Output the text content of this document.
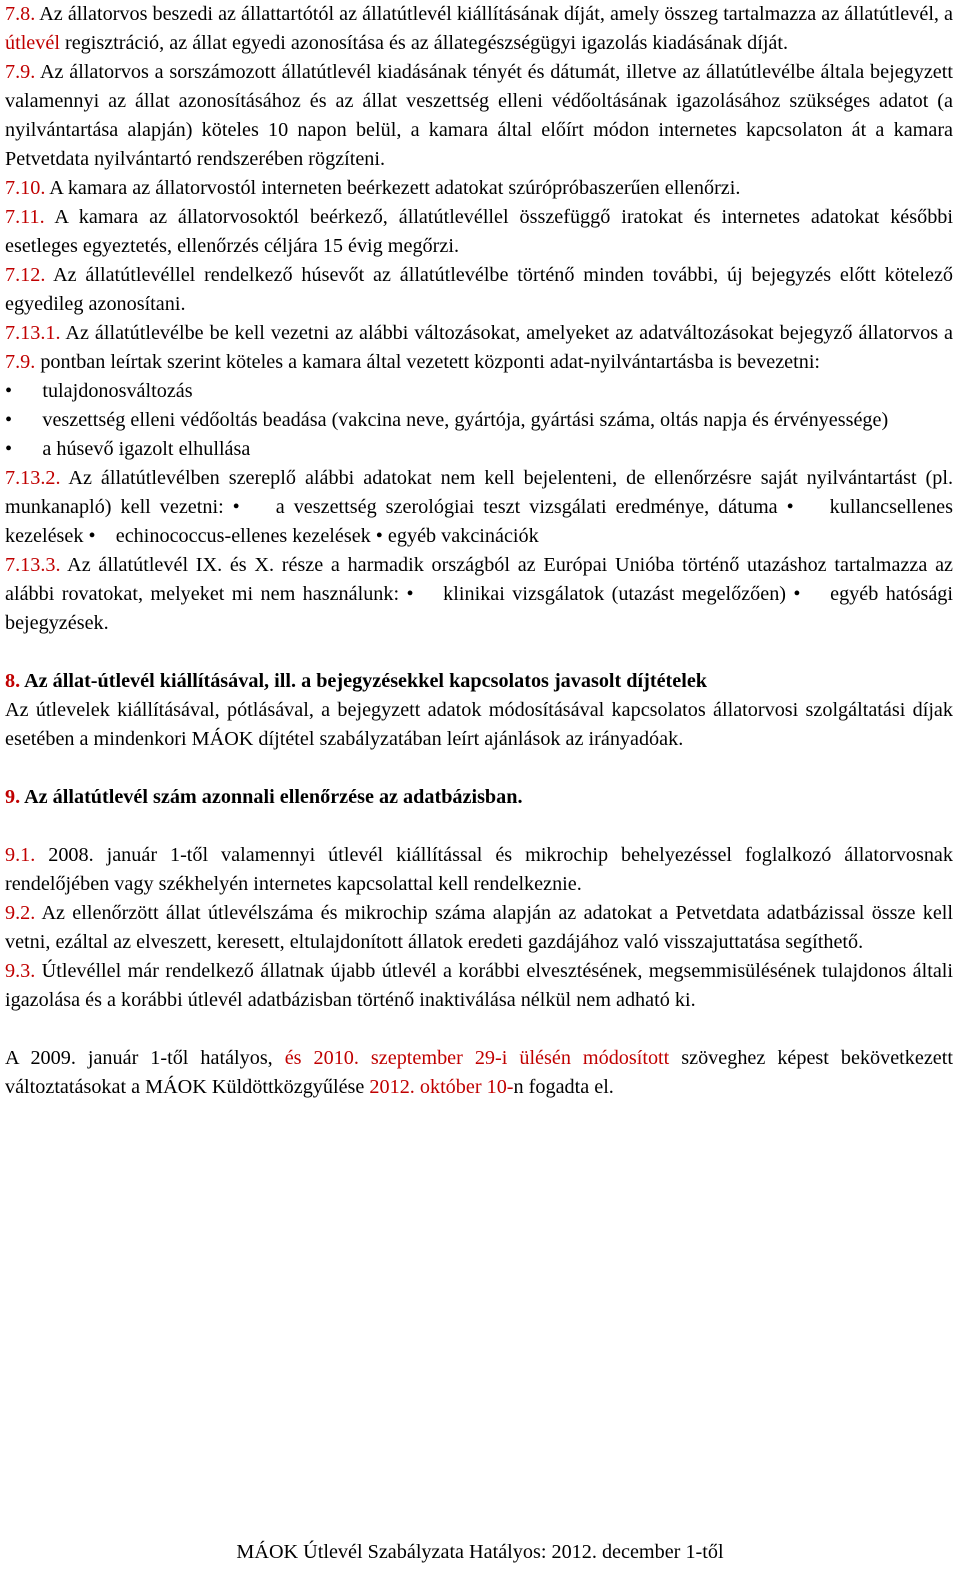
7.8. Az állatorvos beszedi az állattartótól az állatútlevél kiállításának díját, amely összeg tartalmazza az állatútlevél, a útlevél regisztráció, az állat egyedi azonosítása és az állategészségügyi igazolás kiadásának díját.

7.9. Az állatorvos a sorszámozott állatútlevél kiadásának tényét és dátumát, illetve az állatútlevélbe általa bejegyzett valamennyi az állat azonosításához és az állat veszettség elleni védőoltásának igazolásához szükséges adatot (a nyilvántartása alapján) köteles 10 napon belül, a kamara által előírt módon internetes kapcsolaton át a kamara Petvetdata nyilvántartó rendszerében rögzíteni.

7.10. A kamara az állatorvostól interneten beérkezett adatokat szúrópróbaszerűen ellenőrzi.

7.11. A kamara az állatorvosoktól beérkező, állatútlevéllel összefüggő iratokat és internetes adatokat későbbi esetleges egyeztetés, ellenőrzés céljára 15 évig megőrzi.

7.12. Az állatútlevéllel rendelkező húsevőt az állatútlevélbe történő minden további, új bejegyzés előtt kötelező egyedileg azonosítani.

7.13.1. Az állatútlevélbe be kell vezetni az alábbi változásokat, amelyeket az adatváltozásokat bejegyző állatorvos a 7.9. pontban leírtak szerint köteles a kamara által vezetett központi adat-nyilvántartásba is bevezetni:

•      tulajdonosváltozás

•      veszettség elleni védőoltás beadása (vakcina neve, gyártója, gyártási száma, oltás napja és érvényessége)

•      a húsevő igazolt elhullása

7.13.2. Az állatútlevélben szereplő alábbi adatokat nem kell bejelenteni, de ellenőrzésre saját nyilvántartást (pl. munkanapló) kell vezetni: •    a veszettség szerológiai teszt vizsgálati eredménye, dátuma •    kullancsellenes kezelések •    echinococcus-ellenes kezelések • egyéb vakcinációk

7.13.3. Az állatútlevél IX. és X. része a harmadik országból az Európai Unióba történő utazáshoz tartalmazza az alábbi rovatokat, melyeket mi nem használunk: •    klinikai vizsgálatok (utazást megelőzően) •    egyéb hatósági bejegyzések.

8. Az állat-útlevél kiállításával, ill. a bejegyzésekkel kapcsolatos javasolt díjtételek

Az útlevelek kiállításával, pótlásával, a bejegyzett adatok módosításával kapcsolatos állatorvosi szolgáltatási díjak esetében a mindenkori MÁOK díjtétel szabályzatában leírt ajánlások az irányadóak.

9. Az állatútlevél szám azonnali ellenőrzése az adatbázisban.

9.1. 2008. január 1-től valamennyi útlevél kiállítással és mikrochip behelyezéssel foglalkozó állatorvosnak rendelőjében vagy székhelyén internetes kapcsolattal kell rendelkeznie.

9.2. Az ellenőrzött állat útlevélszáma és mikrochip száma alapján az adatokat a Petvetdata adatbázissal össze kell vetni, ezáltal az elveszett, keresett, eltulajdonított állatok eredeti gazdájához való visszajuttatása segíthető.

9.3. Útlevéllel már rendelkező állatnak újabb útlevél a korábbi elvesztésének, megsemmisülésének tulajdonos általi igazolása és a korábbi útlevél adatbázisban történő inaktiválása nélkül nem adható ki.

A 2009. január 1-től hatályos, és 2010. szeptember 29-i ülésén módosított szöveghez képest bekövetkezett változtatásokat a MÁOK Küldöttközgyűlése 2012. október 10-n fogadta el.

MÁOK Útlevél Szabályzata Hatályos: 2012. december 1-től
